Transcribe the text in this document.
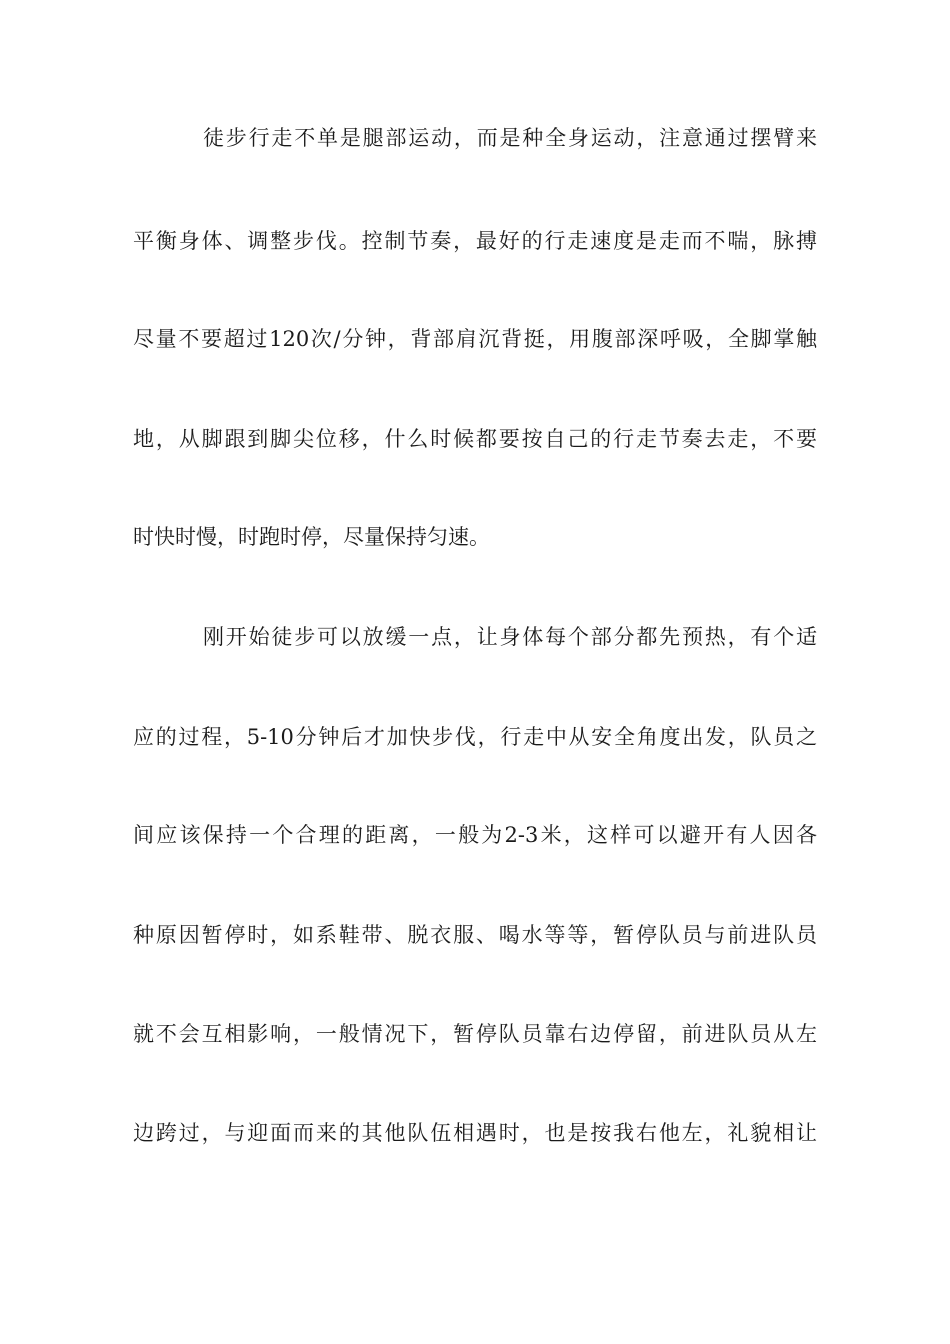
徒步行走不单是腿部运动，而是种全身运动，注意通过摆臂来
平衡身体、调整步伐。控制节奏，最好的行走速度是走而不喘，脉搏
尽量不要超过120次/分钟，背部肩沉背挺，用腹部深呼吸，全脚掌触
地，从脚跟到脚尖位移，什么时候都要按自己的行走节奏去走，不要
时快时慢，时跑时停，尽量保持匀速。
刚开始徒步可以放缓一点，让身体每个部分都先预热，有个适
应的过程，5-10分钟后才加快步伐，行走中从安全角度出发，队员之
间应该保持一个合理的距离，一般为2-3米，这样可以避开有人因各
种原因暂停时，如系鞋带、脱衣服、喝水等等，暂停队员与前进队员
就不会互相影响，一般情况下，暂停队员靠右边停留，前进队员从左
边跨过，与迎面而来的其他队伍相遇时，也是按我右他左，礼貌相让
